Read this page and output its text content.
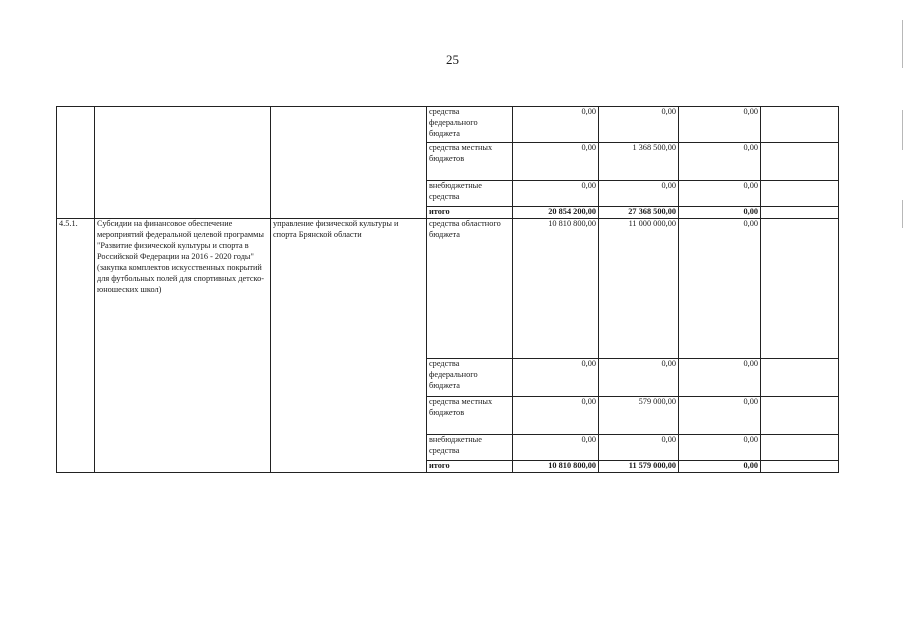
25
			средства федерального бюджета	0,00	0,00	0,00	
			средства местных бюджетов	0,00	1 368 500,00	0,00	
			внебюджетные средства	0,00	0,00	0,00	
			итого	20 854 200,00	27 368 500,00	0,00	
4.5.1.	Субсидии на финансовое обеспечение мероприятий федеральной целевой программы "Развитие физической культуры и спорта в Российской Федерации на 2016 - 2020 годы" (закупка комплектов искусственных покрытий для футбольных полей для спортивных детско-юношеских школ)	управление физической культуры и спорта Брянской области	средства областного бюджета	10 810 800,00	11 000 000,00	0,00	
			средства федерального бюджета	0,00	0,00	0,00	
			средства местных бюджетов	0,00	579 000,00	0,00	
			внебюджетные средства	0,00	0,00	0,00	
			итого	10 810 800,00	11 579 000,00	0,00	
